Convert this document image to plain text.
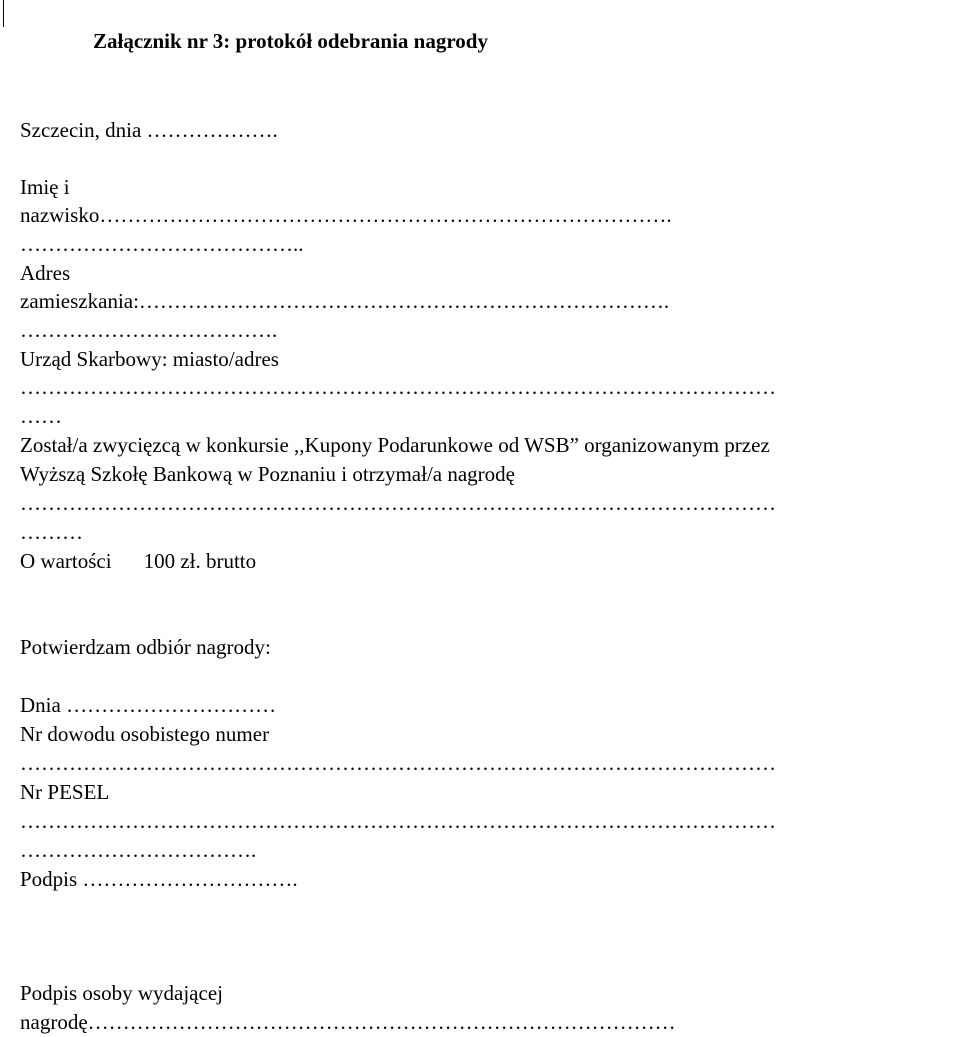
Załącznik nr 3: protokół odebrania nagrody
Szczecin, dnia ……………….
Imię i
nazwisko……………………………………………………………………….
…………………………………..
Adres
zamieszkania:………………………………………………………………….
……………………………….
Urząd Skarbowy: miasto/adres
………………………………………………………………………………………………
……
Został/a zwycięzcą w konkursie ,,Kupony Podarunkowe od WSB” organizowanym przez
Wyższą Szkołę Bankową w Poznaniu i otrzymał/a nagrodę
………………………………………………………………………………………………
………
O wartości 100 zł. brutto
Potwierdzam odbiór nagrody:
Dnia …………………………
Nr dowodu osobistego numer
………………………………………………………………………………………………
Nr PESEL
………………………………………………………………………………………………
…………………………….
Podpis ………………………….
Podpis osoby wydającej
nagrodę…………………………………………………………………………
